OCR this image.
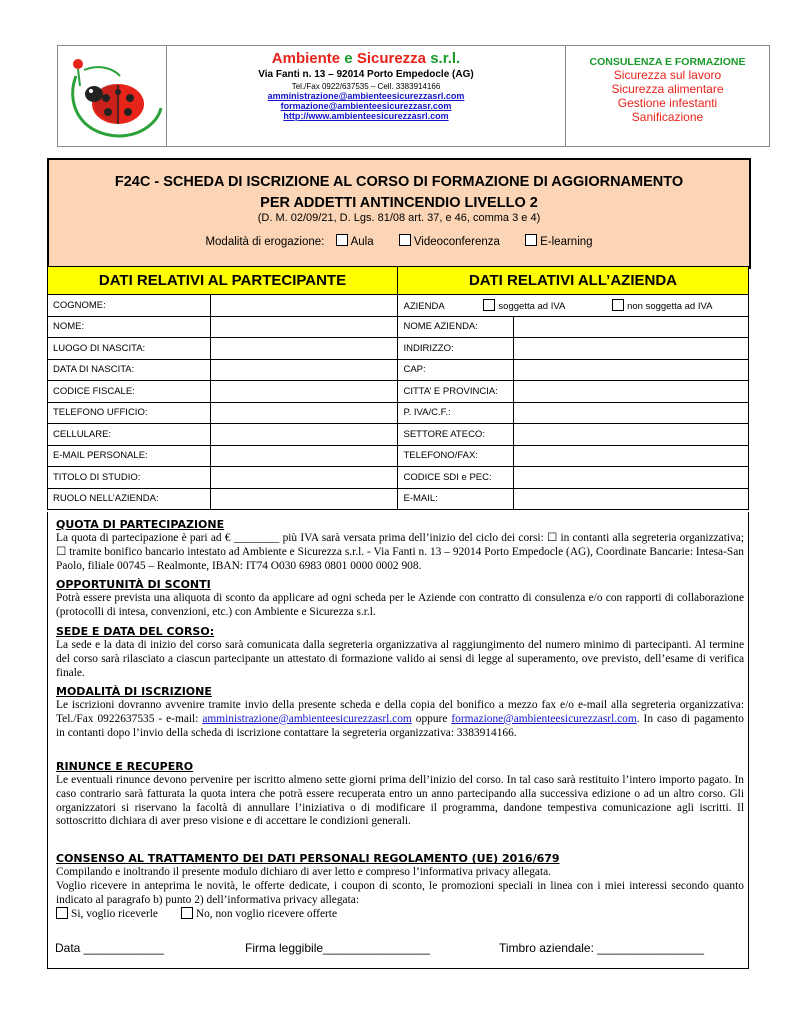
Ambiente e Sicurezza s.r.l.
Via Fanti n. 13 – 92014 Porto Empedocle (AG)
Tel./Fax 0922/637535 – Cell. 3383914166
amministrazione@ambienteesicurezzasrl.com
formazione@ambienteesicurezzasr.com
http://www.ambienteesicurezzasrl.com
CONSULENZA E FORMAZIONE
Sicurezza sul lavoro
Sicurezza alimentare
Gestione infestanti
Sanificazione
F24C - SCHEDA DI ISCRIZIONE AL CORSO DI FORMAZIONE DI AGGIORNAMENTO
PER ADDETTI ANTINCENDIO LIVELLO 2
(D. M. 02/09/21, D. Lgs. 81/08 art. 37, e 46, comma 3 e 4)
Modalità di erogazione: Aula	Videoconferenza	E-learning
DATI RELATIVI AL PARTECIPANTE	DATI RELATIVI ALL’AZIENDA
COGNOME:		AZIENDA soggetta ad IVA non soggetta ad IVA	
NOME:		NOME AZIENDA:	
LUOGO DI NASCITA:		INDIRIZZO:	
DATA DI NASCITA:		CAP:	
CODICE FISCALE:		CITTA’ E PROVINCIA:	
TELEFONO UFFICIO:		P. IVA/C.F.:	
CELLULARE:		SETTORE ATECO:	
E-MAIL PERSONALE:		TELEFONO/FAX:	
TITOLO DI STUDIO:		CODICE SDI e PEC:	
RUOLO NELL’AZIENDA:		E-MAIL:	
QUOTA DI PARTECIPAZIONE
La quota di partecipazione è pari ad € ________ più IVA sarà versata prima dell’inizio del ciclo dei corsi: ☐ in contanti alla segreteria organizzativa; ☐ tramite bonifico bancario intestato ad Ambiente e Sicurezza s.r.l. - Via Fanti n. 13 – 92014 Porto Empedocle (AG), Coordinate Bancarie: Intesa-San Paolo, filiale 00745 – Realmonte, IBAN: IT74 O030 6983 0801 0000 0002 908.
OPPORTUNITÀ DI SCONTI
Potrà essere prevista una aliquota di sconto da applicare ad ogni scheda per le Aziende con contratto di consulenza e/o con rapporti di collaborazione (protocolli di intesa, convenzioni, etc.) con Ambiente e Sicurezza s.r.l.
SEDE E DATA DEL CORSO:
La sede e la data di inizio del corso sarà comunicata dalla segreteria organizzativa al raggiungimento del numero minimo di partecipanti. Al termine del corso sarà rilasciato a ciascun partecipante un attestato di formazione valido ai sensi di legge al superamento, ove previsto, dell’esame di verifica finale.
MODALITÀ DI ISCRIZIONE
Le iscrizioni dovranno avvenire tramite invio della presente scheda e della copia del bonifico a mezzo fax e/o e-mail alla segreteria organizzativa: Tel./Fax 0922637535 - e-mail: amministrazione@ambienteesicurezzasrl.com oppure formazione@ambienteesicurezzasrl.com. In caso di pagamento in contanti dopo l’invio della scheda di iscrizione contattare la segreteria organizzativa: 3383914166.
RINUNCE E RECUPERO
Le eventuali rinunce devono pervenire per iscritto almeno sette giorni prima dell’inizio del corso. In tal caso sarà restituito l’intero importo pagato. In caso contrario sarà fatturata la quota intera che potrà essere recuperata entro un anno partecipando alla successiva edizione o ad un altro corso. Gli organizzatori si riservano la facoltà di annullare l’iniziativa o di modificare il programma, dandone tempestiva comunicazione agli iscritti. Il sottoscritto dichiara di aver preso visione e di accettare le condizioni generali.
CONSENSO AL TRATTAMENTO DEI DATI PERSONALI REGOLAMENTO (UE) 2016/679
Compilando e inoltrando il presente modulo dichiaro di aver letto e compreso l’informativa privacy allegata.
Voglio ricevere in anteprima le novità, le offerte dedicate, i coupon di sconto, le promozioni speciali in linea con i miei interessi secondo quanto indicato al paragrafo b) punto 2) dell’informativa privacy allegata:
Si, voglio riceverle	No, non voglio ricevere offerte
Data ____________	Firma leggibile________________	Timbro aziendale: ________________
